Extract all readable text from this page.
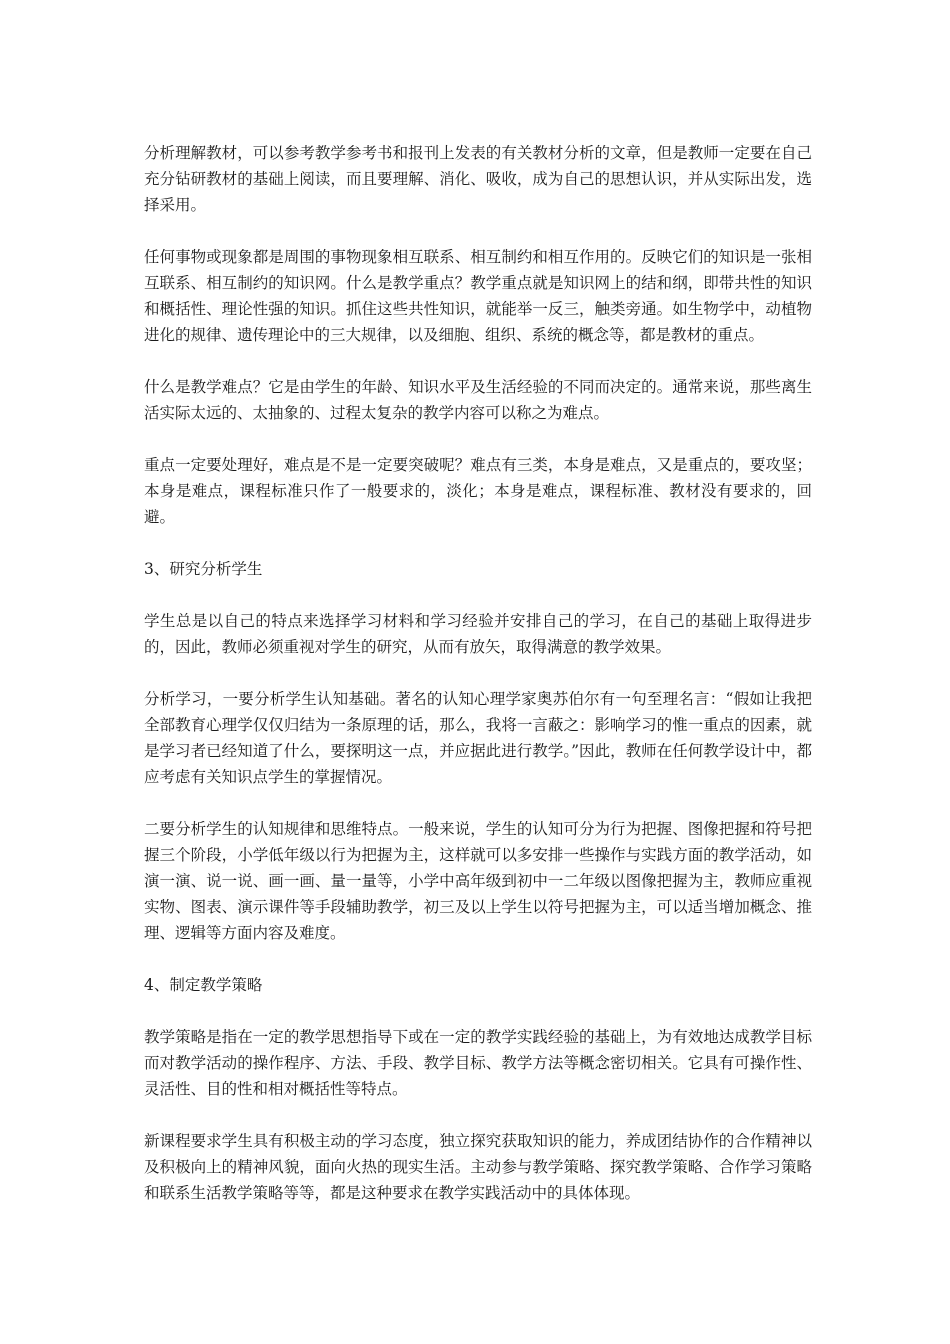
分析理解教材，可以参考教学参考书和报刊上发表的有关教材分析的文章，但是教师一定要在自己充分钻研教材的基础上阅读，而且要理解、消化、吸收，成为自己的思想认识，并从实际出发，选择采用。

任何事物或现象都是周围的事物现象相互联系、相互制约和相互作用的。反映它们的知识是一张相互联系、相互制约的知识网。什么是教学重点？教学重点就是知识网上的结和纲，即带共性的知识和概括性、理论性强的知识。抓住这些共性知识，就能举一反三，触类旁通。如生物学中，动植物进化的规律、遗传理论中的三大规律，以及细胞、组织、系统的概念等，都是教材的重点。

什么是教学难点？它是由学生的年龄、知识水平及生活经验的不同而决定的。通常来说，那些离生活实际太远的、太抽象的、过程太复杂的教学内容可以称之为难点。

重点一定要处理好，难点是不是一定要突破呢？难点有三类，本身是难点，又是重点的，要攻坚；本身是难点，课程标准只作了一般要求的，淡化；本身是难点，课程标准、教材没有要求的，回避。

3、研究分析学生

学生总是以自己的特点来选择学习材料和学习经验并安排自己的学习，在自己的基础上取得进步的，因此，教师必须重视对学生的研究，从而有放矢，取得满意的教学效果。

分析学习，一要分析学生认知基础。著名的认知心理学家奥苏伯尔有一句至理名言：“假如让我把全部教育心理学仅仅归结为一条原理的话，那么，我将一言蔽之：影响学习的惟一重点的因素，就是学习者已经知道了什么，要探明这一点，并应据此进行教学。”因此，教师在任何教学设计中，都应考虑有关知识点学生的掌握情况。

二要分析学生的认知规律和思维特点。一般来说，学生的认知可分为行为把握、图像把握和符号把握三个阶段，小学低年级以行为把握为主，这样就可以多安排一些操作与实践方面的教学活动，如演一演、说一说、画一画、量一量等，小学中高年级到初中一二年级以图像把握为主，教师应重视实物、图表、演示课件等手段辅助教学，初三及以上学生以符号把握为主，可以适当增加概念、推理、逻辑等方面内容及难度。

4、制定教学策略

教学策略是指在一定的教学思想指导下或在一定的教学实践经验的基础上，为有效地达成教学目标而对教学活动的操作程序、方法、手段、教学目标、教学方法等概念密切相关。它具有可操作性、灵活性、目的性和相对概括性等特点。

新课程要求学生具有积极主动的学习态度，独立探究获取知识的能力，养成团结协作的合作精神以及积极向上的精神风貌，面向火热的现实生活。主动参与教学策略、探究教学策略、合作学习策略和联系生活教学策略等等，都是这种要求在教学实践活动中的具体体现。
